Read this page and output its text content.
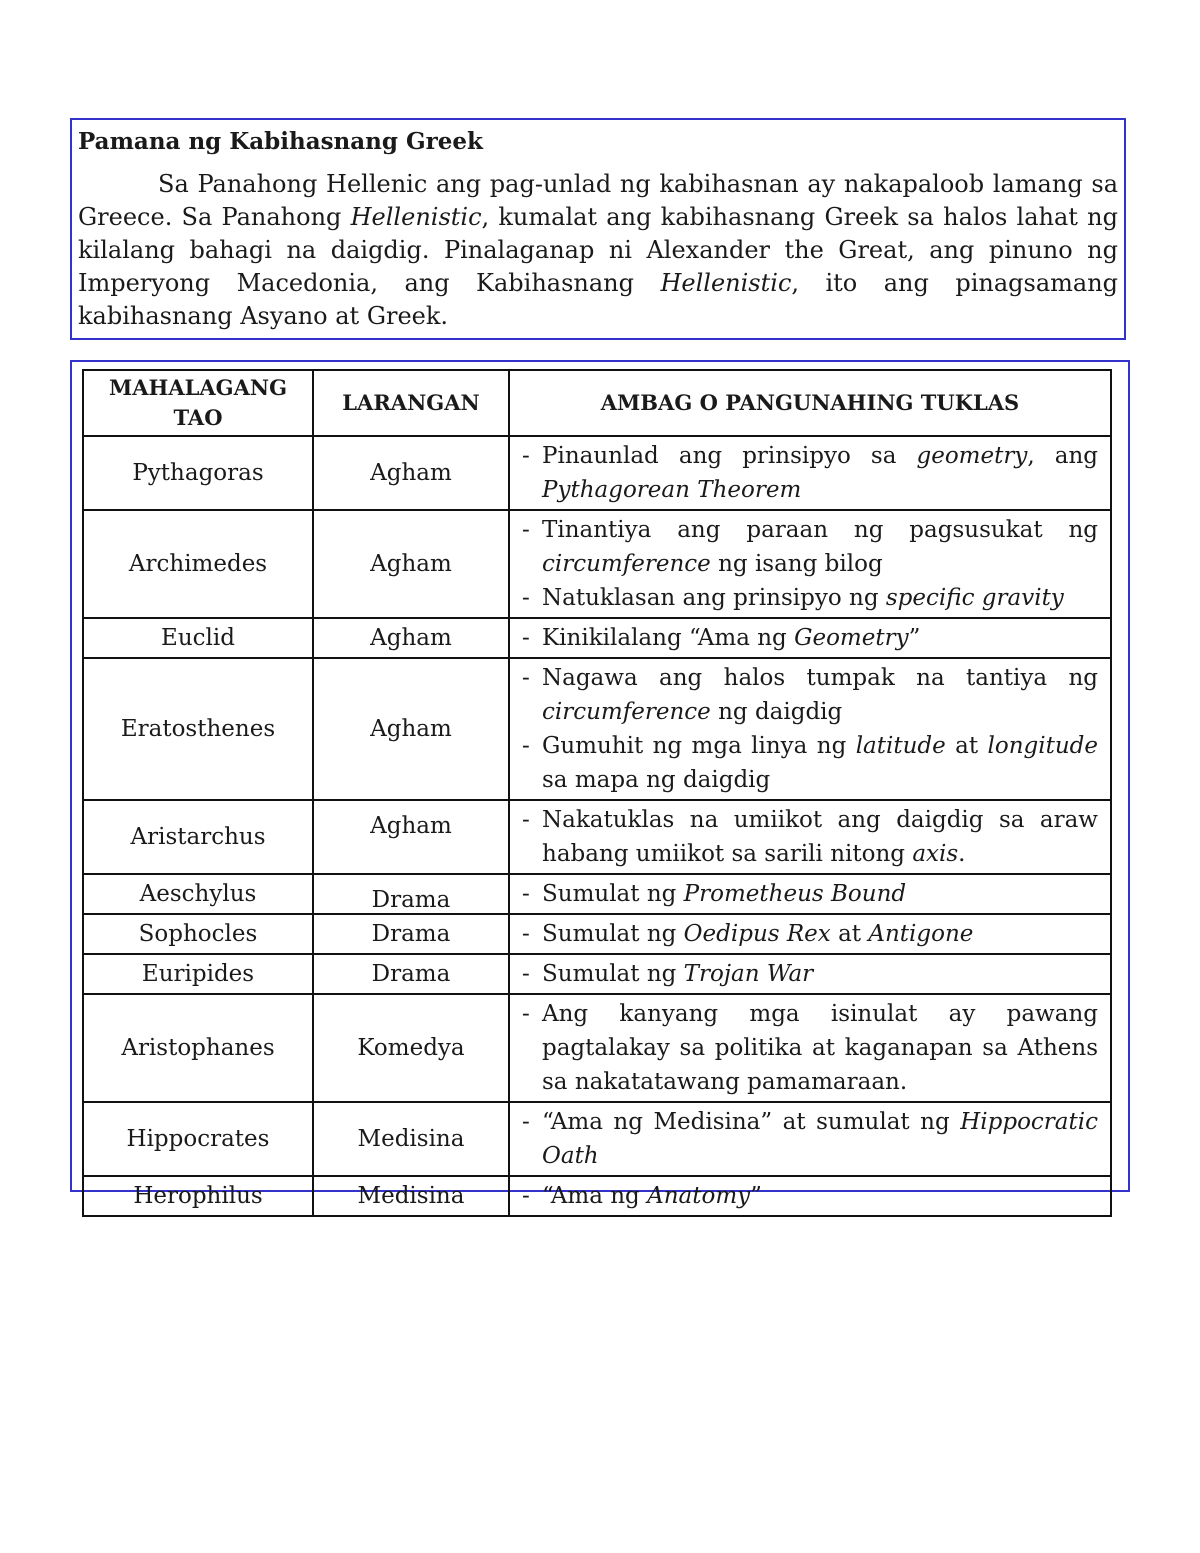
Pamana ng Kabihasnang Greek

Sa Panahong Hellenic ang pag-unlad ng kabihasnan ay nakapaloob lamang sa Greece. Sa Panahong Hellenistic, kumalat ang kabihasnang Greek sa halos lahat ng kilalang bahagi na daigdig. Pinalaganap ni Alexander the Great, ang pinuno ng Imperyong Macedonia, ang Kabihasnang Hellenistic, ito ang pinagsamang kabihasnang Asyano at Greek.

MAHALAGANG TAO	LARANGAN	AMBAG O PANGUNAHING TUKLAS
Pythagoras	Agham	- Pinaunlad ang prinsipyo sa geometry, ang Pythagorean Theorem

Archimedes	Agham	- Tinantiya ang paraan ng pagsusukat ng circumference ng isang bilog
- Natuklasan ang prinsipyo ng specific gravity

Euclid	Agham	- Kinikilalang “Ama ng Geometry”

Eratosthenes	Agham	- Nagawa ang halos tumpak na tantiya ng circumference ng daigdig
- Gumuhit ng mga linya ng latitude at longitude sa mapa ng daigdig

Aristarchus	Agham	- Nakatuklas na umiikot ang daigdig sa araw habang umiikot sa sarili nitong axis.

Aeschylus	Drama	- Sumulat ng Prometheus Bound

Sophocles	Drama	- Sumulat ng Oedipus Rex at Antigone

Euripides	Drama	- Sumulat ng Trojan War

Aristophanes	Komedya	- Ang kanyang mga isinulat ay pawang pagtalakay sa politika at kaganapan sa Athens sa nakatatawang pamamaraan.

Hippocrates	Medisina	- “Ama ng Medisina” at sumulat ng Hippocratic Oath

Herophilus	Medisina	- “Ama ng Anatomy”
